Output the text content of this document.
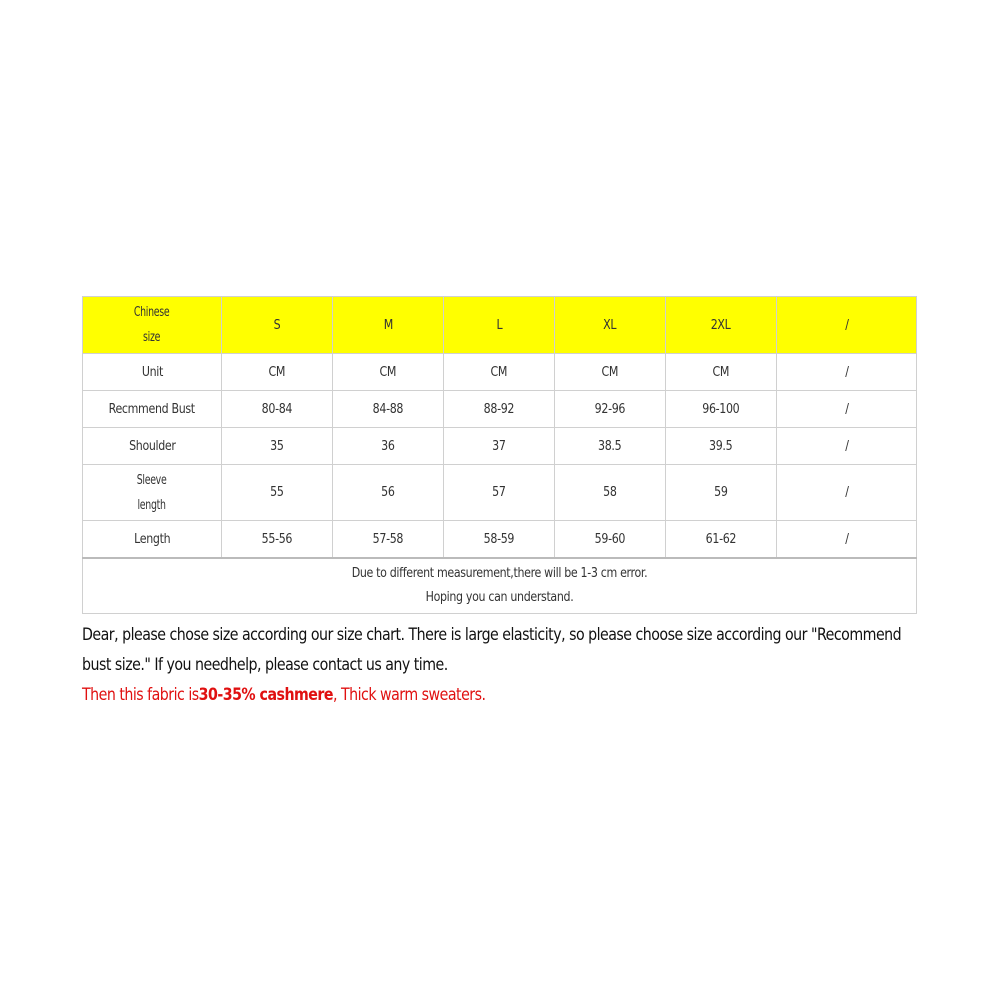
Chinese
size	S	M	L	XL	2XL	/
Unit	CM	CM	CM	CM	CM	/
Recmmend Bust	80-84	84-88	88-92	92-96	96-100	/
Shoulder	35	36	37	38.5	39.5	/

Sleeve
length	55	56	57	58	59	/
Length	55-56	57-58	58-59	59-60	61-62	/

Due to different measurement,there will be 1-3 cm error.
Hoping you can understand.						
Dear, please chose size according our size chart. There is large elasticity, so please choose size according our "Recommend
bust size." If you needhelp, please contact us any time.
Then this fabric is30-35% cashmere, Thick warm sweaters.
